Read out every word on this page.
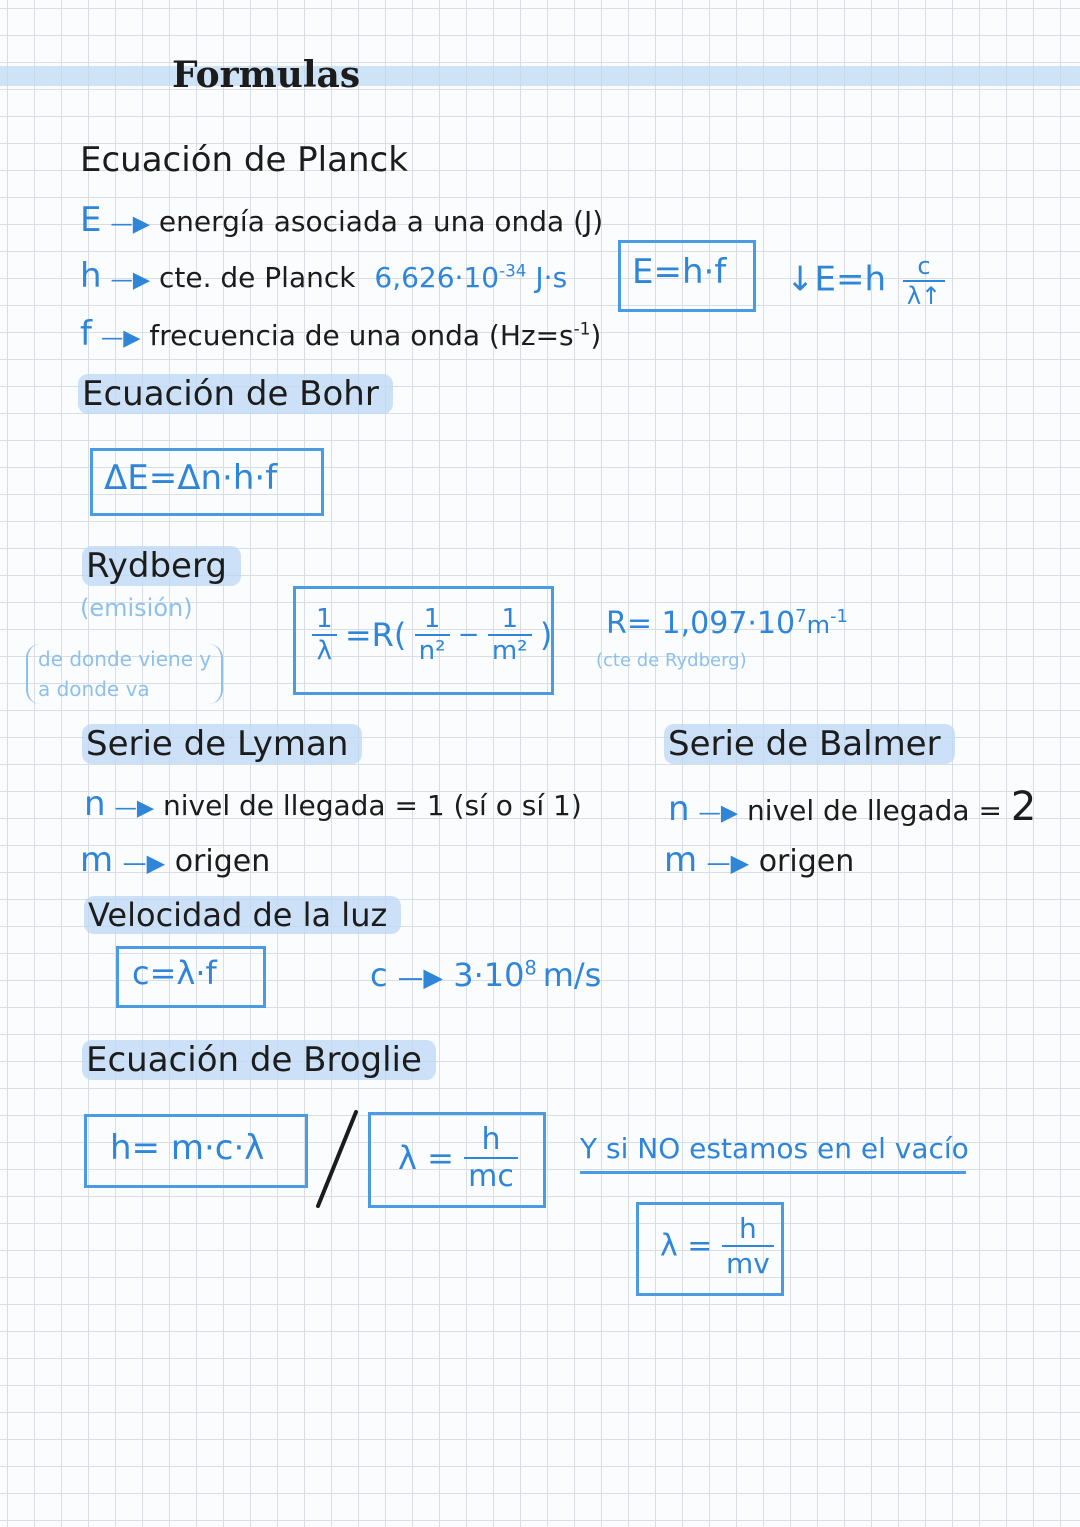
Formulas
Ecuación de Planck
E —▶ energía asociada a una onda (J)
h —▶ cte. de Planck $6,626\cdot 10^{-34}$ J·s
f —▶ frecuencia de una onda $(Hz=s^{-1})$
E=h·f ↓E=h $\frac{c}{\lambda↑}$
Ecuación de Bohr
ΔE=Δn·h·f
Rydberg
(emisión)
de donde viene y
a donde va
$\frac{1}{\lambda} =R( \frac{1}{\text{n²}} - \frac{1}{\text{m²}}$ ) $R= 1,097\cdot 10^7m^{-1}$
(cte de Rydberg)
Serie de Lyman
n —▶ nivel de llegada = 1 (sí o sí 1)
m —▶ origen
Serie de Balmer
n —▶ nivel de llegada = 2
m —▶ origen
Velocidad de la luz
c=λ·f	c —▶ $3\cdot 10^8$ m/s
Ecuación de Broglie
h= m·c·λ	$\lambda = \frac{h}{mc}$ Y si NO estamos en el vacío
$\lambda = \frac{h}{mv}$
